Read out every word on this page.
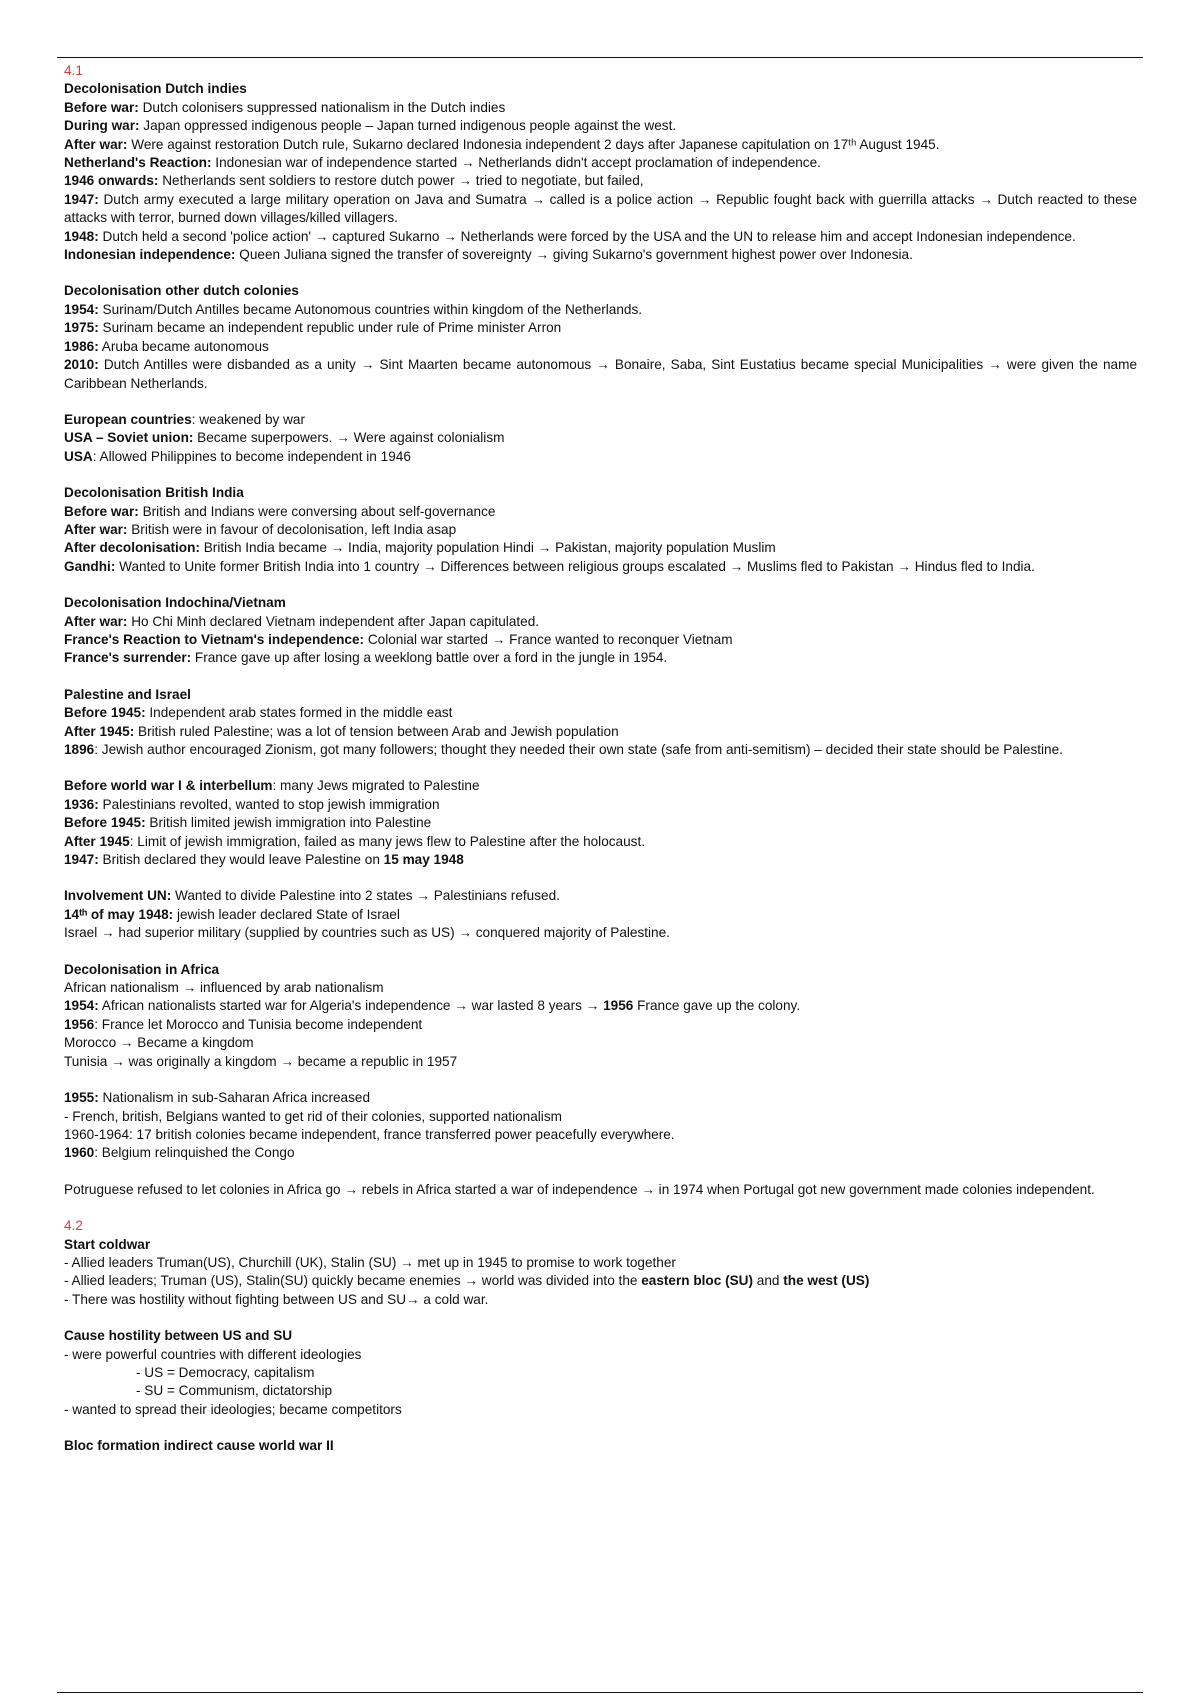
4.1
Decolonisation Dutch indies
Before war: Dutch colonisers suppressed nationalism in the Dutch indies
During war: Japan oppressed indigenous people – Japan turned indigenous people against the west.
After war: Were against restoration Dutch rule, Sukarno declared Indonesia independent 2 days after Japanese capitulation on 17ᵗʰ August 1945.
Netherland's Reaction: Indonesian war of independence started → Netherlands didn't accept proclamation of independence.
1946 onwards: Netherlands sent soldiers to restore dutch power → tried to negotiate, but failed,
1947: Dutch army executed a large military operation on Java and Sumatra → called is a police action → Republic fought back with guerrilla attacks → Dutch reacted to these attacks with terror, burned down villages/killed villagers.
1948: Dutch held a second 'police action' → captured Sukarno → Netherlands were forced by the USA and the UN to release him and accept Indonesian independence.
Indonesian independence: Queen Juliana signed the transfer of sovereignty → giving Sukarno's government highest power over Indonesia.
Decolonisation other dutch colonies
1954: Surinam/Dutch Antilles became Autonomous countries within kingdom of the Netherlands.
1975: Surinam became an independent republic under rule of Prime minister Arron
1986: Aruba became autonomous
2010: Dutch Antilles were disbanded as a unity → Sint Maarten became autonomous → Bonaire, Saba, Sint Eustatius became special Municipalities → were given the name Caribbean Netherlands.
European countries: weakened by war
USA – Soviet union: Became superpowers. → Were against colonialism
USA: Allowed Philippines to become independent in 1946
Decolonisation British India
Before war: British and Indians were conversing about self-governance
After war: British were in favour of decolonisation, left India asap
After decolonisation: British India became → India, majority population Hindi → Pakistan, majority population Muslim
Gandhi: Wanted to Unite former British India into 1 country → Differences between religious groups escalated → Muslims fled to Pakistan → Hindus fled to India.
Decolonisation Indochina/Vietnam
After war: Ho Chi Minh declared Vietnam independent after Japan capitulated.
France's Reaction to Vietnam's independence: Colonial war started → France wanted to reconquer Vietnam
France's surrender: France gave up after losing a weeklong battle over a ford in the jungle in 1954.
Palestine and Israel
Before 1945: Independent arab states formed in the middle east
After 1945: British ruled Palestine; was a lot of tension between Arab and Jewish population
1896: Jewish author encouraged Zionism, got many followers; thought they needed their own state (safe from anti-semitism) – decided their state should be Palestine.
Before world war I & interbellum: many Jews migrated to Palestine
1936: Palestinians revolted, wanted to stop jewish immigration
Before 1945: British limited jewish immigration into Palestine
After 1945: Limit of jewish immigration, failed as many jews flew to Palestine after the holocaust.
1947: British declared they would leave Palestine on 15 may 1948
Involvement UN: Wanted to divide Palestine into 2 states → Palestinians refused.
14ᵗʰ of may 1948: jewish leader declared State of Israel
Israel → had superior military (supplied by countries such as US) → conquered majority of Palestine.
Decolonisation in Africa
African nationalism → influenced by arab nationalism
1954: African nationalists started war for Algeria's independence → war lasted 8 years → 1956 France gave up the colony.
1956: France let Morocco and Tunisia become independent
Morocco → Became a kingdom
Tunisia → was originally a kingdom → became a republic in 1957
1955: Nationalism in sub-Saharan Africa increased
- French, british, Belgians wanted to get rid of their colonies, supported nationalism
1960-1964: 17 british colonies became independent, france transferred power peacefully everywhere.
1960: Belgium relinquished the Congo
Potruguese refused to let colonies in Africa go → rebels in Africa started a war of independence → in 1974 when Portugal got new government made colonies independent.
4.2
Start coldwar
- Allied leaders Truman(US), Churchill (UK), Stalin (SU) → met up in 1945 to promise to work together
- Allied leaders; Truman (US), Stalin(SU) quickly became enemies → world was divided into the eastern bloc (SU) and the west (US)
- There was hostility without fighting between US and SU→ a cold war.
Cause hostility between US and SU
- were powerful countries with different ideologies
- US = Democracy, capitalism
- SU = Communism, dictatorship
- wanted to spread their ideologies; became competitors
Bloc formation indirect cause world war II
